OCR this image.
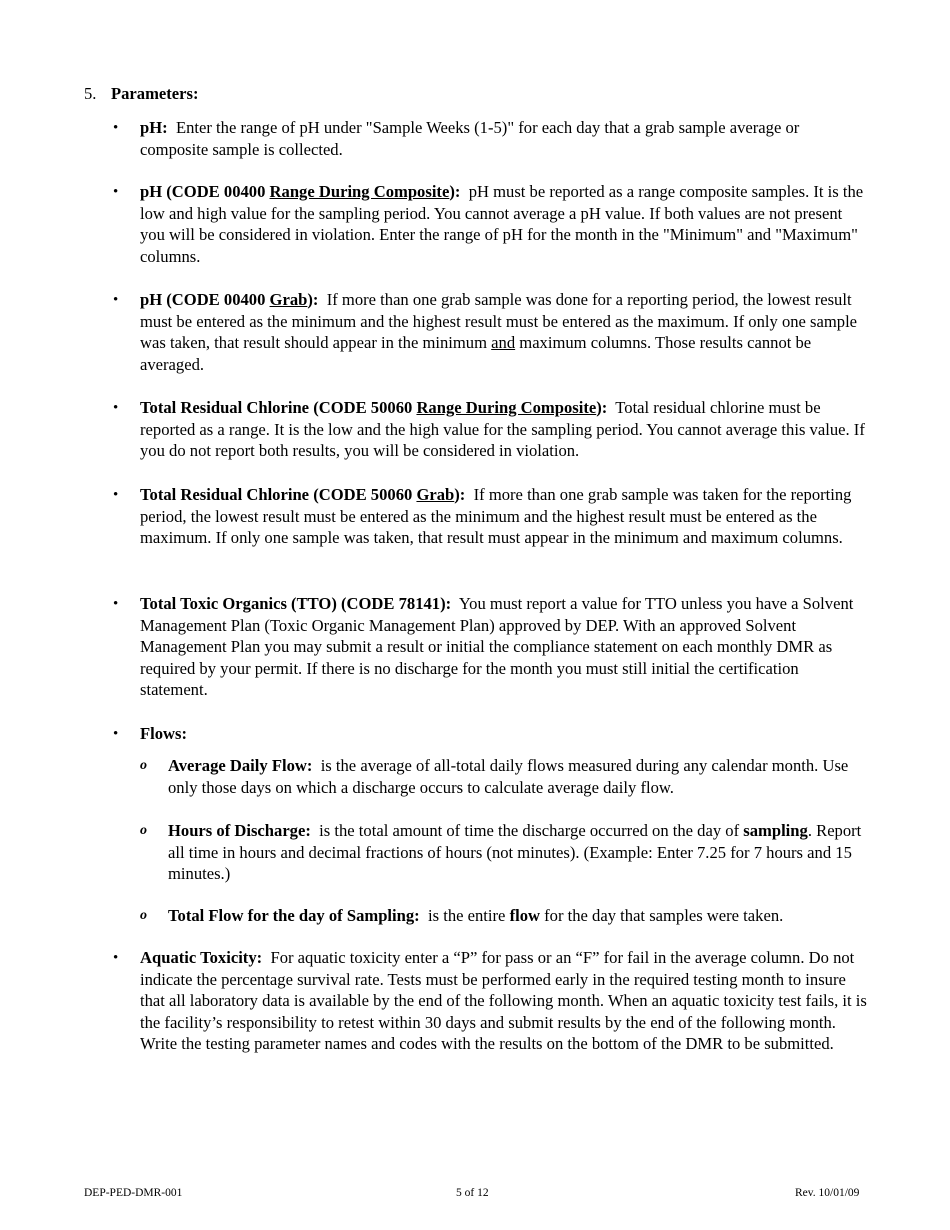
5. Parameters:
• pH: Enter the range of pH under "Sample Weeks (1-5)" for each day that a grab sample average or composite sample is collected.
• pH (CODE 00400 Range During Composite): pH must be reported as a range composite samples. It is the low and high value for the sampling period. You cannot average a pH value. If both values are not present you will be considered in violation. Enter the range of pH for the month in the "Minimum" and "Maximum" columns.
• pH (CODE 00400 Grab): If more than one grab sample was done for a reporting period, the lowest result must be entered as the minimum and the highest result must be entered as the maximum. If only one sample was taken, that result should appear in the minimum and maximum columns. Those results cannot be averaged.
• Total Residual Chlorine (CODE 50060 Range During Composite): Total residual chlorine must be reported as a range. It is the low and the high value for the sampling period. You cannot average this value. If you do not report both results, you will be considered in violation.
• Total Residual Chlorine (CODE 50060 Grab): If more than one grab sample was taken for the reporting period, the lowest result must be entered as the minimum and the highest result must be entered as the maximum. If only one sample was taken, that result must appear in the minimum and maximum columns.
• Total Toxic Organics (TTO) (CODE 78141): You must report a value for TTO unless you have a Solvent Management Plan (Toxic Organic Management Plan) approved by DEP. With an approved Solvent Management Plan you may submit a result or initial the compliance statement on each monthly DMR as required by your permit. If there is no discharge for the month you must still initial the certification statement.
• Flows:
o Average Daily Flow: is the average of all-total daily flows measured during any calendar month. Use only those days on which a discharge occurs to calculate average daily flow.
o Hours of Discharge: is the total amount of time the discharge occurred on the day of sampling. Report all time in hours and decimal fractions of hours (not minutes). (Example: Enter 7.25 for 7 hours and 15 minutes.)
o Total Flow for the day of Sampling: is the entire flow for the day that samples were taken.
• Aquatic Toxicity: For aquatic toxicity enter a “P” for pass or an “F” for fail in the average column. Do not indicate the percentage survival rate. Tests must be performed early in the required testing month to insure that all laboratory data is available by the end of the following month. When an aquatic toxicity test fails, it is the facility’s responsibility to retest within 30 days and submit results by the end of the following month. Write the testing parameter names and codes with the results on the bottom of the DMR to be submitted.
DEP-PED-DMR-001	5 of 12	Rev. 10/01/09
